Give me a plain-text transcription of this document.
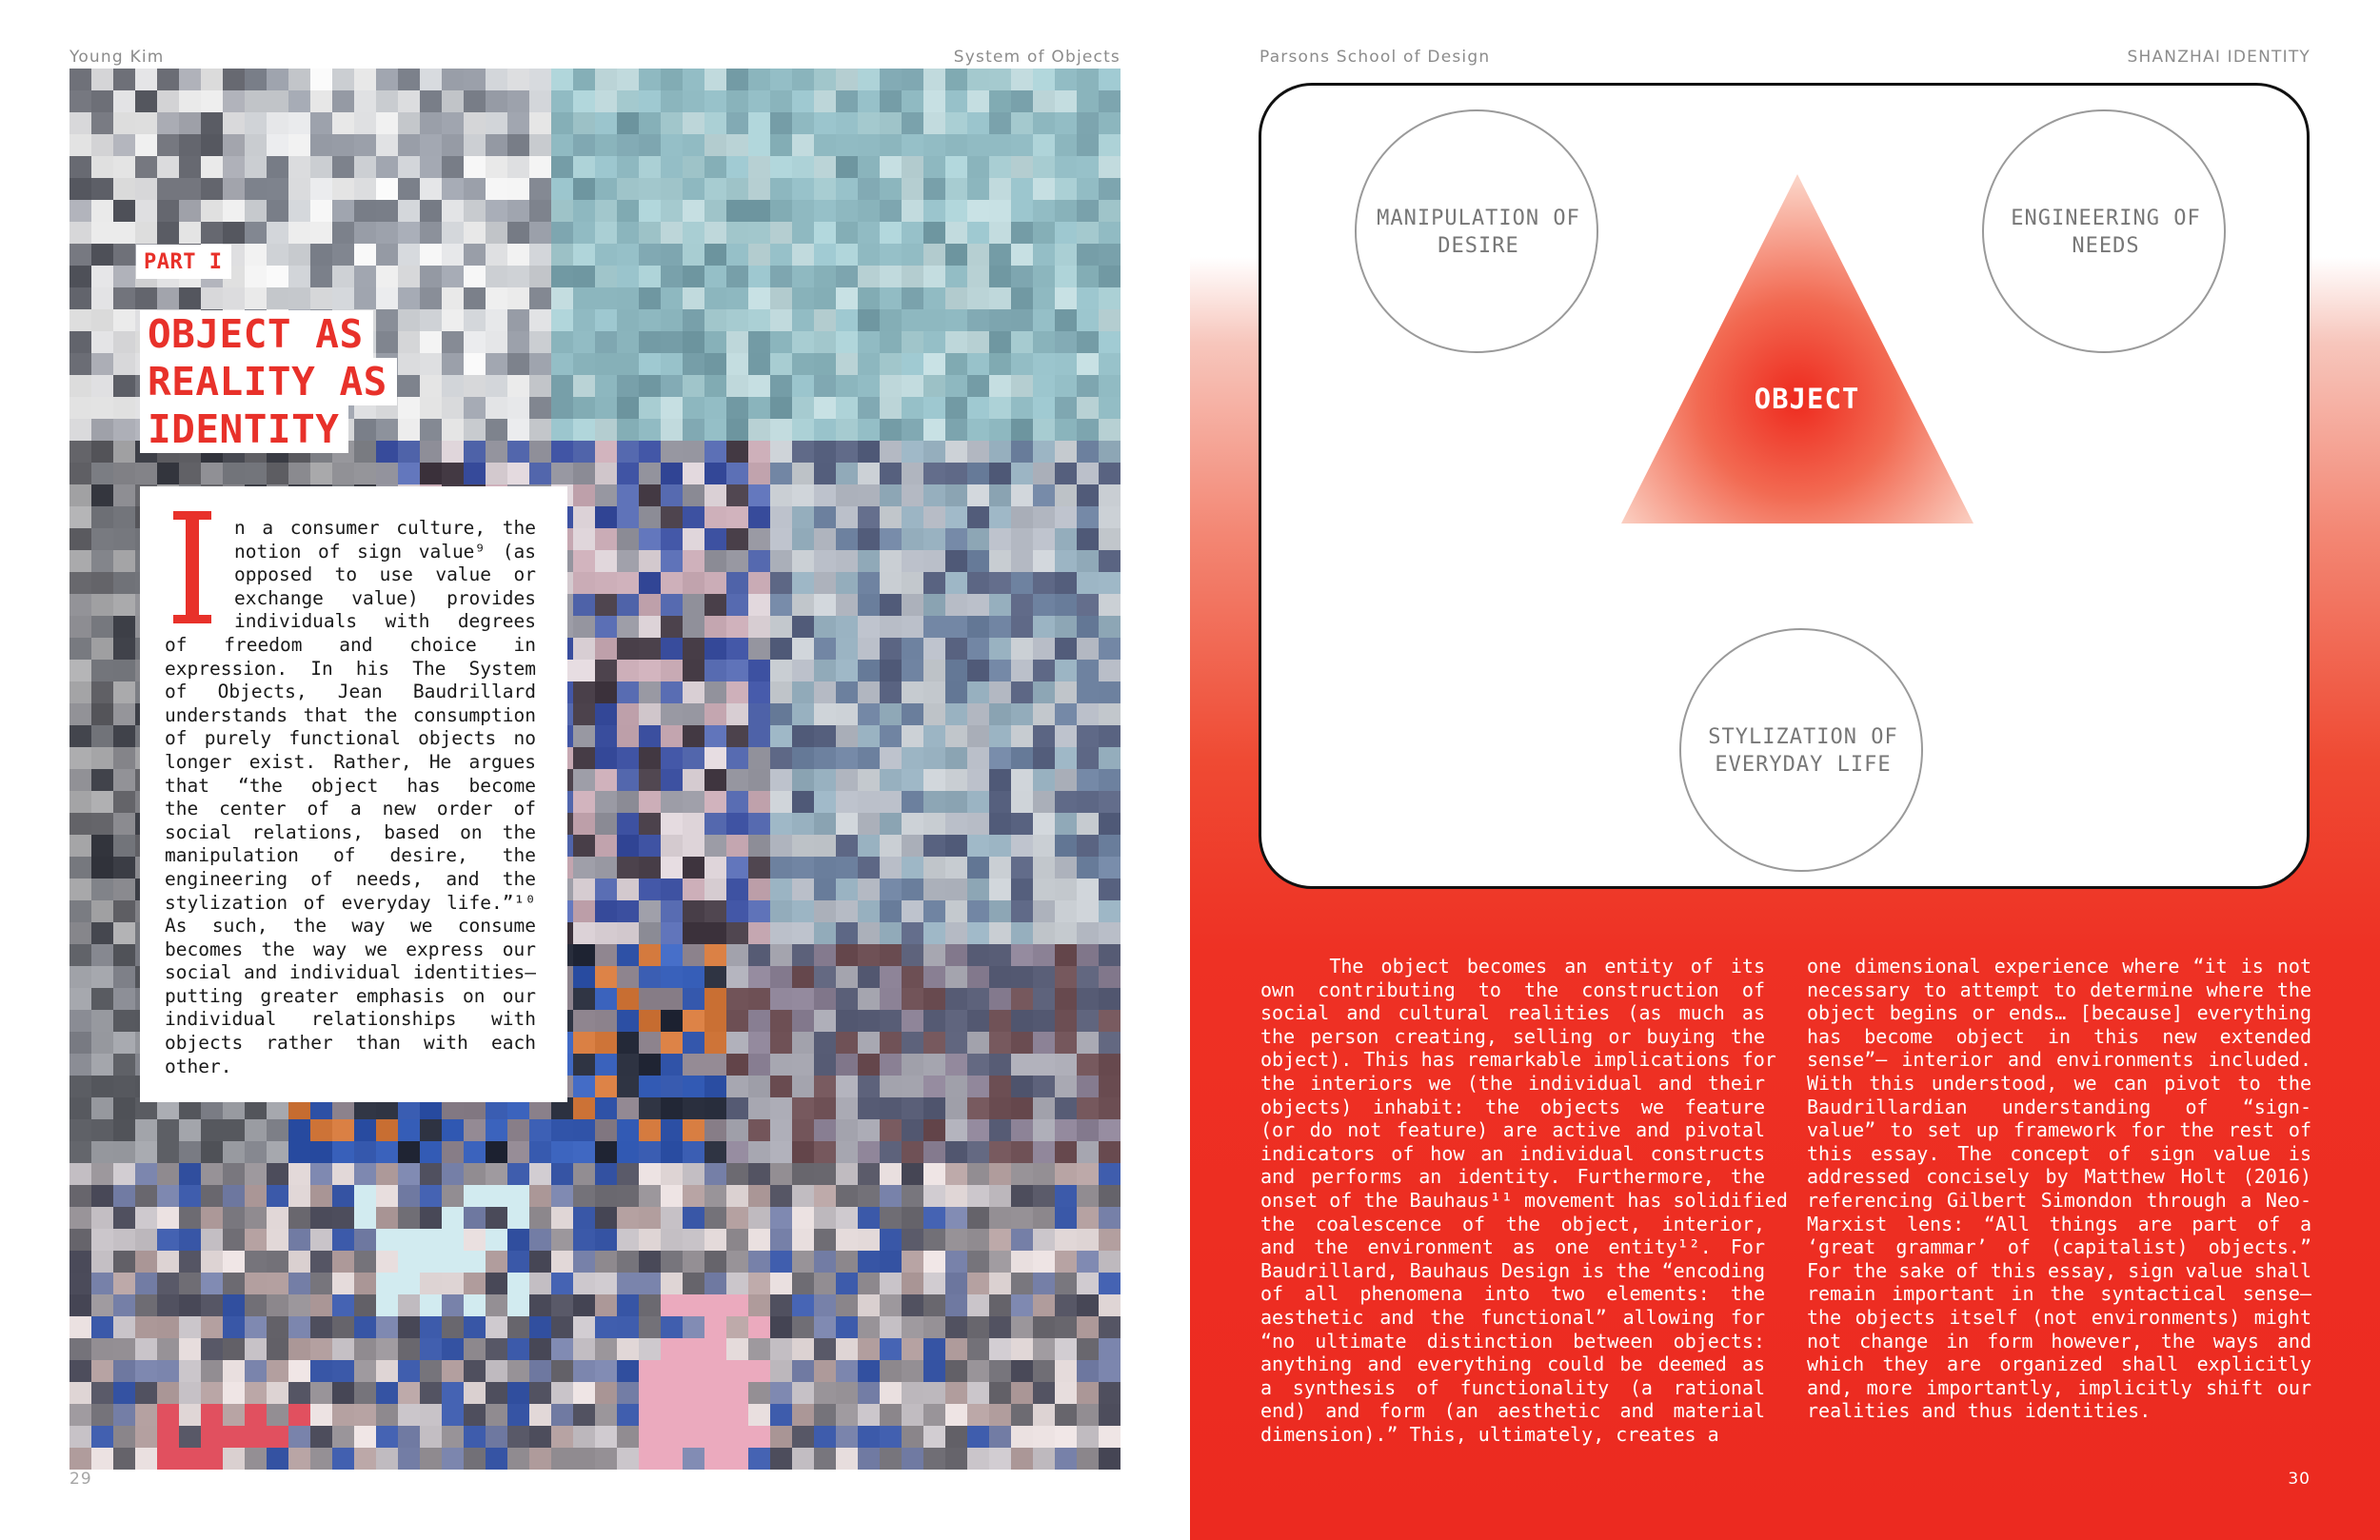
Young Kim	System of Objects
PART I
OBJECT AS
REALITY AS
IDENTITY
n a consumer culture, the
notion of sign value⁹ (as
opposed to use value or
exchange value) provides
individuals with degrees
of freedom and choice in
expression. In his The System
of Objects, Jean Baudrillard
understands that the consumption
of purely functional objects no
longer exist. Rather, He argues
that “the object has become
the center of a new order of
social relations, based on the
manipulation of desire, the
engineering of needs, and the
stylization of everyday life.”¹⁰
As such, the way we consume
becomes the way we express our
social and individual identities—
putting greater emphasis on our
individual relationships with
objects rather than with each
other.
29
Parsons School of Design	SHANZHAI IDENTITY
MANIPULATION OF
DESIRE
ENGINEERING OF
NEEDS
STYLIZATION OF
EVERYDAY LIFE
OBJECT
The object becomes an entity of its
own contributing to the construction of
social and cultural realities (as much as
the person creating, selling or buying the
object). This has remarkable implications for
the interiors we (the individual and their
objects) inhabit: the objects we feature
(or do not feature) are active and pivotal
indicators of how an individual constructs
and performs an identity. Furthermore, the
onset of the Bauhaus¹¹ movement has solidified
the coalescence of the object, interior,
and the environment as one entity¹². For
Baudrillard, Bauhaus Design is the “encoding
of all phenomena into two elements: the
aesthetic and the functional” allowing for
“no ultimate distinction between objects:
anything and everything could be deemed as
a synthesis of functionality (a rational
end) and form (an aesthetic and material
dimension).” This, ultimately, creates a
one dimensional experience where “it is not
necessary to attempt to determine where the
object begins or ends… [because] everything
has become object in this new extended
sense”— interior and environments included.
With this understood, we can pivot to the
Baudrillardian understanding of “sign-
value” to set up framework for the rest of
this essay. The concept of sign value is
addressed concisely by Matthew Holt (2016)
referencing Gilbert Simondon through a Neo-
Marxist lens: “All things are part of a
‘great grammar’ of (capitalist) objects.”
For the sake of this essay, sign value shall
remain important in the syntactical sense—
the objects itself (not environments) might
not change in form however, the ways and
which they are organized shall explicitly
and, more importantly, implicitly shift our
realities and thus identities.
30
